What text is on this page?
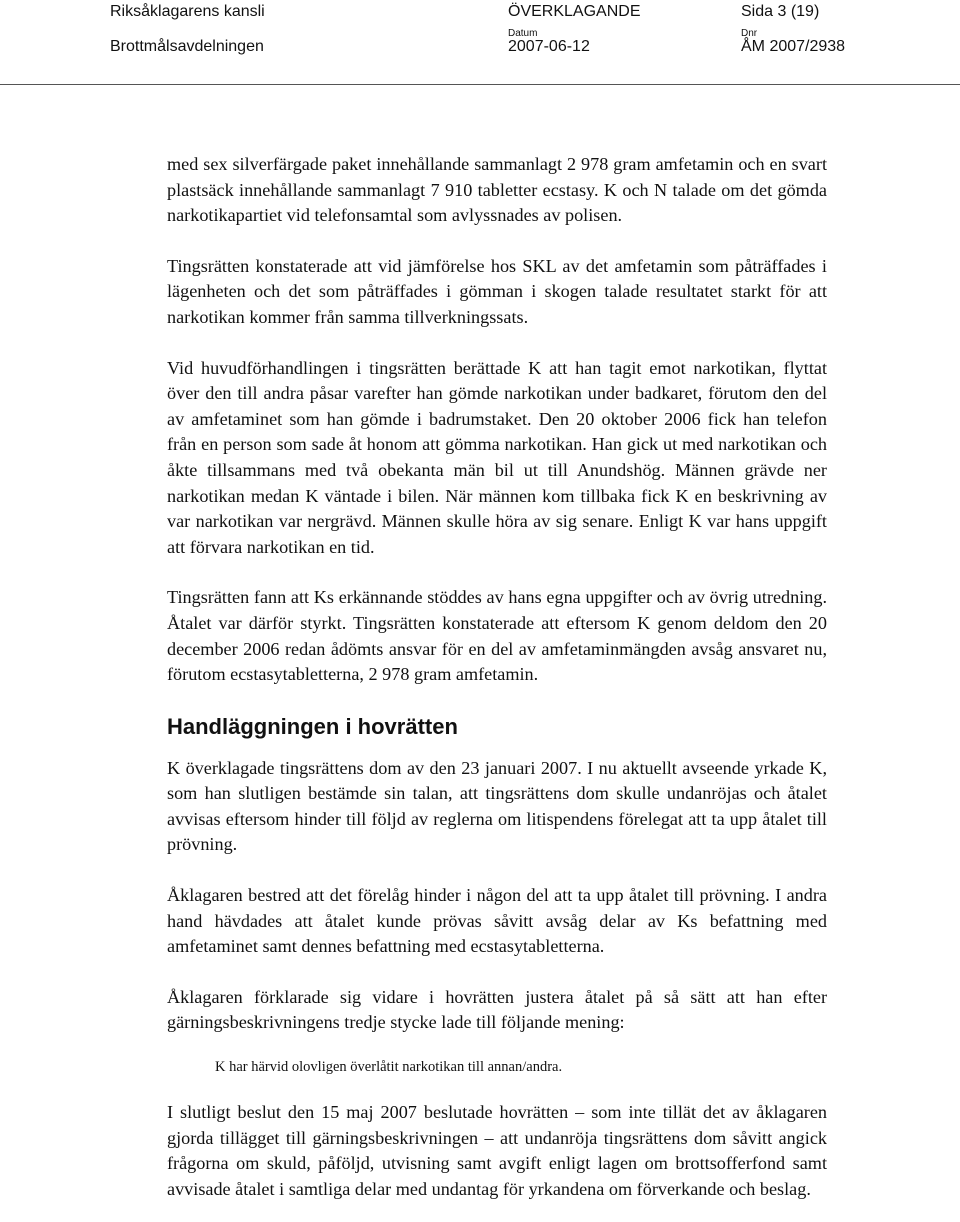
Riksåklagarens kansli
Brottmålsavdelningen
ÖVERKLAGANDE
Datum
2007-06-12
Dnr
ÅM 2007/2938
Sida 3 (19)

med sex silverfärgade paket innehållande sammanlagt 2 978 gram amfetamin och en svart plastsäck innehållande sammanlagt 7 910 tabletter ecstasy. K och N talade om det gömda narkotikapartiet vid telefonsamtal som avlyssnades av polisen.

Tingsrätten konstaterade att vid jämförelse hos SKL av det amfetamin som påträffades i lägenheten och det som påträffades i gömman i skogen talade resultatet starkt för att narkotikan kommer från samma tillverkningssats.

Vid huvudförhandlingen i tingsrätten berättade K att han tagit emot narkotikan, flyttat över den till andra påsar varefter han gömde narkotikan under badkaret, förutom den del av amfetaminet som han gömde i badrumstaket. Den 20 oktober 2006 fick han telefon från en person som sade åt honom att gömma narkotikan. Han gick ut med narkotikan och åkte tillsammans med två obekanta män bil ut till Anundshög. Männen grävde ner narkotikan medan K väntade i bilen. När männen kom tillbaka fick K en beskrivning av var narkotikan var nergrävd. Männen skulle höra av sig senare. Enligt K var hans uppgift att förvara narkotikan en tid.

Tingsrätten fann att Ks erkännande stöddes av hans egna uppgifter och av övrig utredning. Åtalet var därför styrkt. Tingsrätten konstaterade att eftersom K genom deldom den 20 december 2006 redan ådömts ansvar för en del av amfetaminmängden avsåg ansvaret nu, förutom ecstasytabletterna, 2 978 gram amfetamin.

Handläggningen i hovrätten

K överklagade tingsrättens dom av den 23 januari 2007. I nu aktuellt avseende yrkade K, som han slutligen bestämde sin talan, att tingsrättens dom skulle undanröjas och åtalet avvisas eftersom hinder till följd av reglerna om litispendens förelegat att ta upp åtalet till prövning.

Åklagaren bestred att det förelåg hinder i någon del att ta upp åtalet till prövning. I andra hand hävdades att åtalet kunde prövas såvitt avsåg delar av Ks befattning med amfetaminet samt dennes befattning med ecstasytabletterna.

Åklagaren förklarade sig vidare i hovrätten justera åtalet på så sätt att han efter gärningsbeskrivningens tredje stycke lade till följande mening:

K har härvid olovligen överlåtit narkotikan till annan/andra.

I slutligt beslut den 15 maj 2007 beslutade hovrätten – som inte tillät det av åklagaren gjorda tillägget till gärningsbeskrivningen – att undanröja tingsrättens dom såvitt angick frågorna om skuld, påföljd, utvisning samt avgift enligt lagen om brottsofferfond samt avvisade åtalet i samtliga delar med undantag för yrkandena om förverkande och beslag.
